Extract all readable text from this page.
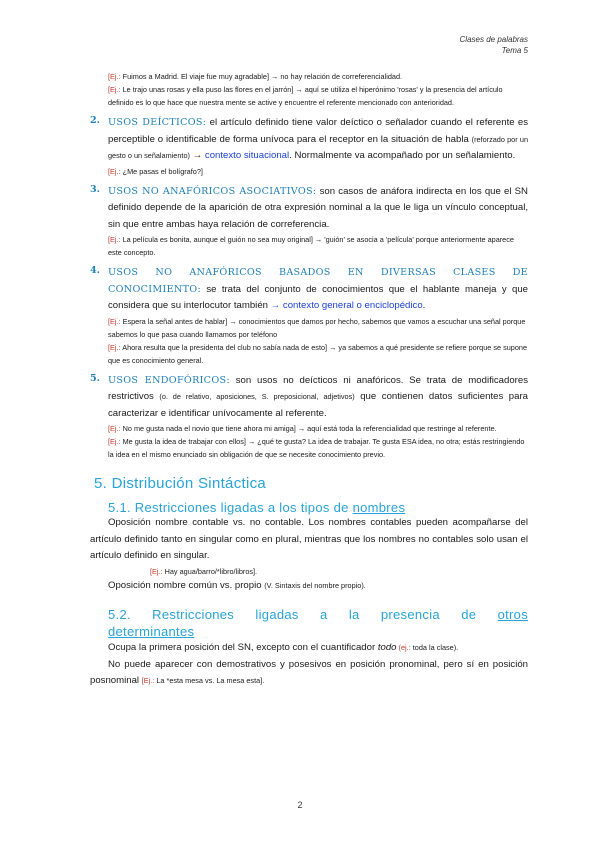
Clases de palabras
Tema 5
[Ej.: Fuimos a Madrid. El viaje fue muy agradable] → no hay relación de correferencialidad.
[Ej.: Le trajo unas rosas y ella puso las flores en el jarrón] → aquí se utiliza el hiperónimo 'rosas' y la presencia del artículo definido es lo que hace que nuestra mente se active y encuentre el referente mencionado con anterioridad.
2. USOS DEÍCTICOS: el artículo definido tiene valor deíctico o señalador cuando el referente es perceptible o identificable de forma unívoca para el receptor en la situación de habla (reforzado por un gesto o un señalamiento) → contexto situacional. Normalmente va acompañado por un señalamiento.
[Ej.: ¿Me pasas el bolígrafo?]
3. USOS NO ANAFÓRICOS ASOCIATIVOS: son casos de anáfora indirecta en los que el SN definido depende de la aparición de otra expresión nominal a la que le liga un vínculo conceptual, sin que entre ambas haya relación de correferencia.
[Ej.: La película es bonita, aunque el guión no sea muy original] → 'guión' se asocia a 'película' porque anteriormente aparece este concepto.
4. USOS NO ANAFÓRICOS BASADOS EN DIVERSAS CLASES DE CONOCIMIENTO: se trata del conjunto de conocimientos que el hablante maneja y que considera que su interlocutor también → contexto general o enciclopédico.
[Ej.: Espera la señal antes de hablar] → conocimientos que damos por hecho, sabemos que vamos a escuchar una señal porque sabemos lo que pasa cuando llamamos por teléfono
[Ej.: Ahora resulta que la presidenta del club no sabía nada de esto] → ya sabemos a qué presidente se refiere porque se supone que es conocimiento general.
5. USOS ENDOFÓRICOS: son usos no deícticos ni anafóricos. Se trata de modificadores restrictivos (o. de relativo, aposiciones, S. preposicional, adjetivos) que contienen datos suficientes para caracterizar e identificar unívocamente al referente.
[Ej.: No me gusta nada el novio que tiene ahora mi amiga] → aquí está toda la referencialidad que restringe al referente.
[Ej.: Me gusta la idea de trabajar con ellos] → ¿qué te gusta? La idea de trabajar. Te gusta ESA idea, no otra; estás restringiendo la idea en el mismo enunciado sin obligación de que se necesite conocimiento previo.
5. Distribución Sintáctica
5.1. Restricciones ligadas a los tipos de nombres
Oposición nombre contable vs. no contable. Los nombres contables pueden acompañarse del artículo definido tanto en singular como en plural, mientras que los nombres no contables solo usan el artículo definido en singular.
[Ej.: Hay agua/barro/*libro/libros].
Oposición nombre común vs. propio (V. Sintaxis del nombre propio).
5.2. Restricciones ligadas a la presencia de otros
determinantes
Ocupa la primera posición del SN, excepto con el cuantificador todo (ej.: toda la clase).
No puede aparecer con demostrativos y posesivos en posición pronominal, pero sí en posición posnominal [Ej.: La *esta mesa vs. La mesa esta].
2
